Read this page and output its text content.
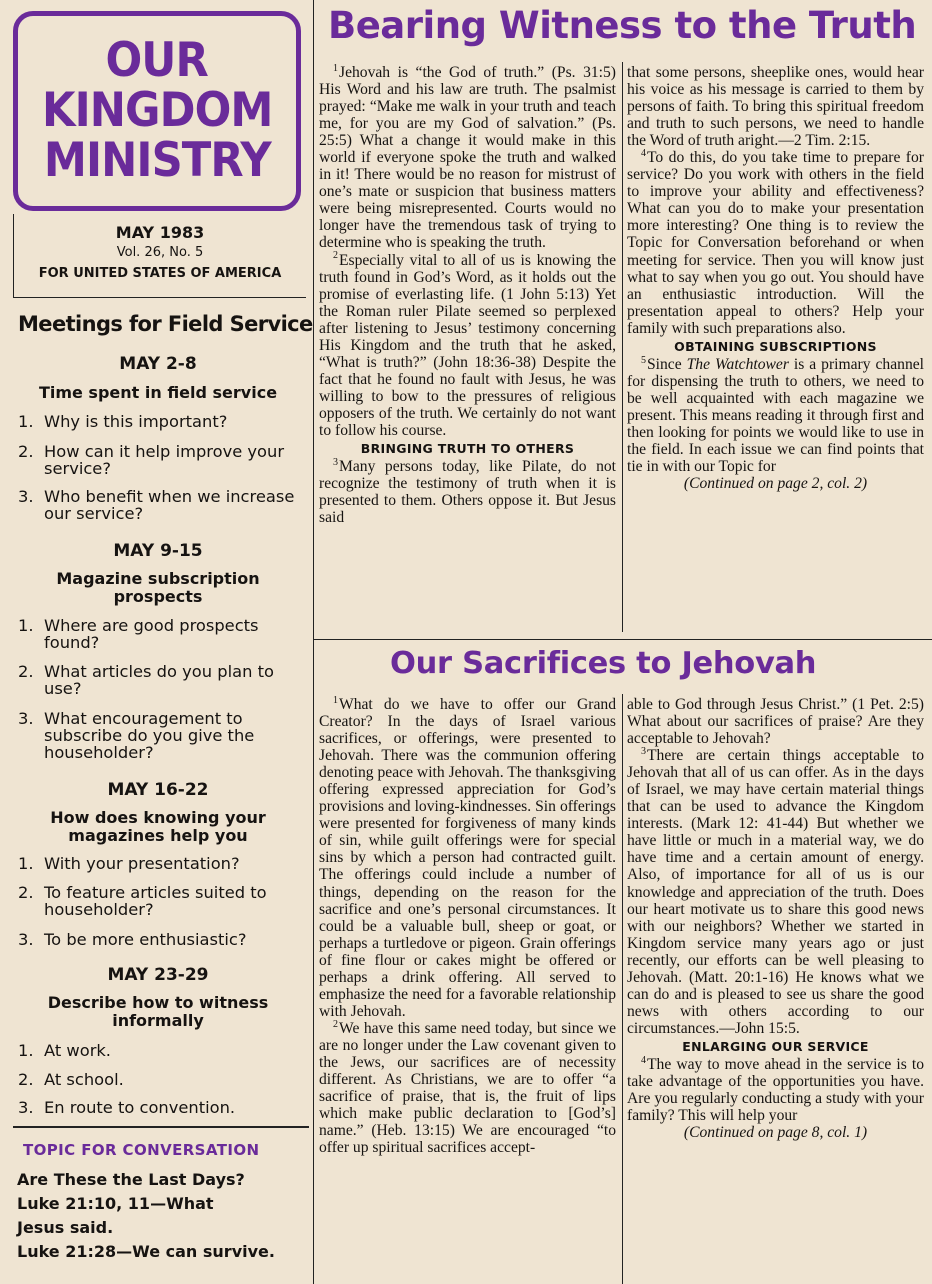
OUR
KINGDOM
MINISTRY
MAY 1983
Vol. 26, No. 5
FOR UNITED STATES OF AMERICA
Meetings for Field Service
MAY 2-8
Time spent in field service
1. Why is this important?
2. How can it help improve your service?
3. Who benefit when we increase our service?
MAY 9-15
Magazine subscription prospects
1. Where are good prospects found?
2. What articles do you plan to use?
3. What encouragement to subscribe do you give the householder?
MAY 16-22
How does knowing your magazines help you
1. With your presentation?
2. To feature articles suited to householder?
3. To be more enthusiastic?
MAY 23-29
Describe how to witness informally
1. At work.
2. At school.
3. En route to convention.
TOPIC FOR CONVERSATION
Are These the Last Days?
Luke 21:10, 11—What
Jesus said.
Luke 21:28—We can survive.
Bearing Witness to the Truth

$^1$Jehovah is “the God of truth.” (Ps. 31:5) His Word and his law are truth. The psalmist prayed: “Make me walk in your truth and teach me, for you are my God of salvation.” (Ps. 25:5) What a change it would make in this world if everyone spoke the truth and walked in it! There would be no reason for mistrust of one’s mate or suspicion that business matters were being misrepresented. Courts would no longer have the tremendous task of trying to determine who is speaking the truth.

$^2$Especially vital to all of us is knowing the truth found in God’s Word, as it holds out the promise of everlasting life. (1 John 5:13) Yet the Roman ruler Pilate seemed so perplexed after listening to Jesus’ testimony concerning His Kingdom and the truth that he asked, “What is truth?” (John 18:36-38) Despite the fact that he found no fault with Jesus, he was willing to bow to the pressures of religious opposers of the truth. We certainly do not want to follow his course.

BRINGING TRUTH TO OTHERS

$^3$Many persons today, like Pilate, do not recognize the testimony of truth when it is presented to them. Others oppose it. But Jesus said

that some persons, sheeplike ones, would hear his voice as his message is carried to them by persons of faith. To bring this spiritual freedom and truth to such persons, we need to handle the Word of truth aright.—2 Tim. 2:15.

$^4$To do this, do you take time to prepare for service? Do you work with others in the field to improve your ability and effectiveness? What can you do to make your presentation more interesting? One thing is to review the Topic for Conversation beforehand or when meeting for service. Then you will know just what to say when you go out. You should have an enthusiastic introduction. Will the presentation appeal to others? Help your family with such preparations also.

OBTAINING SUBSCRIPTIONS

$^5$Since The Watchtower is a primary channel for dispensing the truth to others, we need to be well acquainted with each magazine we present. This means reading it through first and then looking for points we would like to use in the field. In each issue we can find points that tie in with our Topic for

(Continued on page 2, col. 2)
Our Sacrifices to Jehovah

$^1$What do we have to offer our Grand Creator? In the days of Israel various sacrifices, or offerings, were presented to Jehovah. There was the communion offering denoting peace with Jehovah. The thanksgiving offering expressed appreciation for God’s provisions and loving-kindnesses. Sin offerings were presented for forgiveness of many kinds of sin, while guilt offerings were for special sins by which a person had contracted guilt. The offerings could include a number of things, depending on the reason for the sacrifice and one’s personal circumstances. It could be a valuable bull, sheep or goat, or perhaps a turtledove or pigeon. Grain offerings of fine flour or cakes might be offered or perhaps a drink offering. All served to emphasize the need for a favorable relationship with Jehovah.

$^2$We have this same need today, but since we are no longer under the Law covenant given to the Jews, our sacrifices are of necessity different. As Christians, we are to offer “a sacrifice of praise, that is, the fruit of lips which make public declaration to [God’s] name.” (Heb. 13:15) We are encouraged “to offer up spiritual sacrifices accept-

able to God through Jesus Christ.” (1 Pet. 2:5) What about our sacrifices of praise? Are they acceptable to Jehovah?

$^3$There are certain things acceptable to Jehovah that all of us can offer. As in the days of Israel, we may have certain material things that can be used to advance the Kingdom interests. (Mark 12: 41-44) But whether we have little or much in a material way, we do have time and a certain amount of energy. Also, of importance for all of us is our knowledge and appreciation of the truth. Does our heart motivate us to share this good news with our neighbors? Whether we started in Kingdom service many years ago or just recently, our efforts can be well pleasing to Jehovah. (Matt. 20:1-16) He knows what we can do and is pleased to see us share the good news with others according to our circumstances.—John 15:5.

ENLARGING OUR SERVICE

$^4$The way to move ahead in the service is to take advantage of the opportunities you have. Are you regularly conducting a study with your family? This will help your

(Continued on page 8, col. 1)
